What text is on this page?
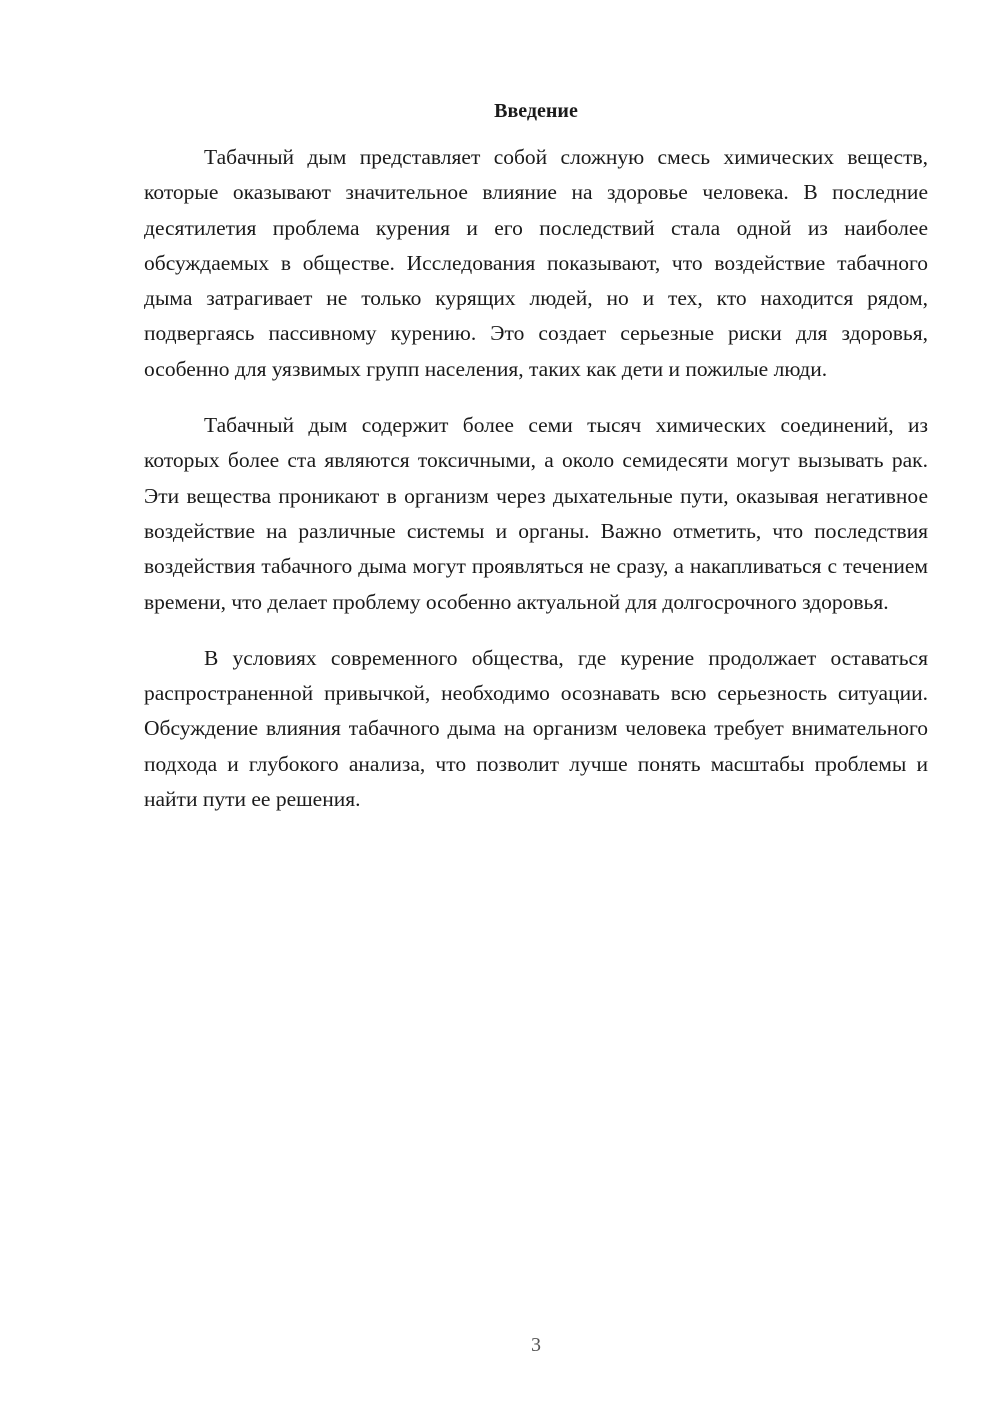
Введение

Табачный дым представляет собой сложную смесь химических веществ, которые оказывают значительное влияние на здоровье человека. В последние десятилетия проблема курения и его последствий стала одной из наиболее обсуждаемых в обществе. Исследования показывают, что воздействие табачного дыма затрагивает не только курящих людей, но и тех, кто находится рядом, подвергаясь пассивному курению. Это создает серьезные риски для здоровья, особенно для уязвимых групп населения, таких как дети и пожилые люди.

Табачный дым содержит более семи тысяч химических соединений, из которых более ста являются токсичными, а около семидесяти могут вызывать рак. Эти вещества проникают в организм через дыхательные пути, оказывая негативное воздействие на различные системы и органы. Важно отметить, что последствия воздействия табачного дыма могут проявляться не сразу, а накапливаться с течением времени, что делает проблему особенно актуальной для долгосрочного здоровья.

В условиях современного общества, где курение продолжает оставаться распространенной привычкой, необходимо осознавать всю серьезность ситуации. Обсуждение влияния табачного дыма на организм человека требует внимательного подхода и глубокого анализа, что позволит лучше понять масштабы проблемы и найти пути ее решения.

3
